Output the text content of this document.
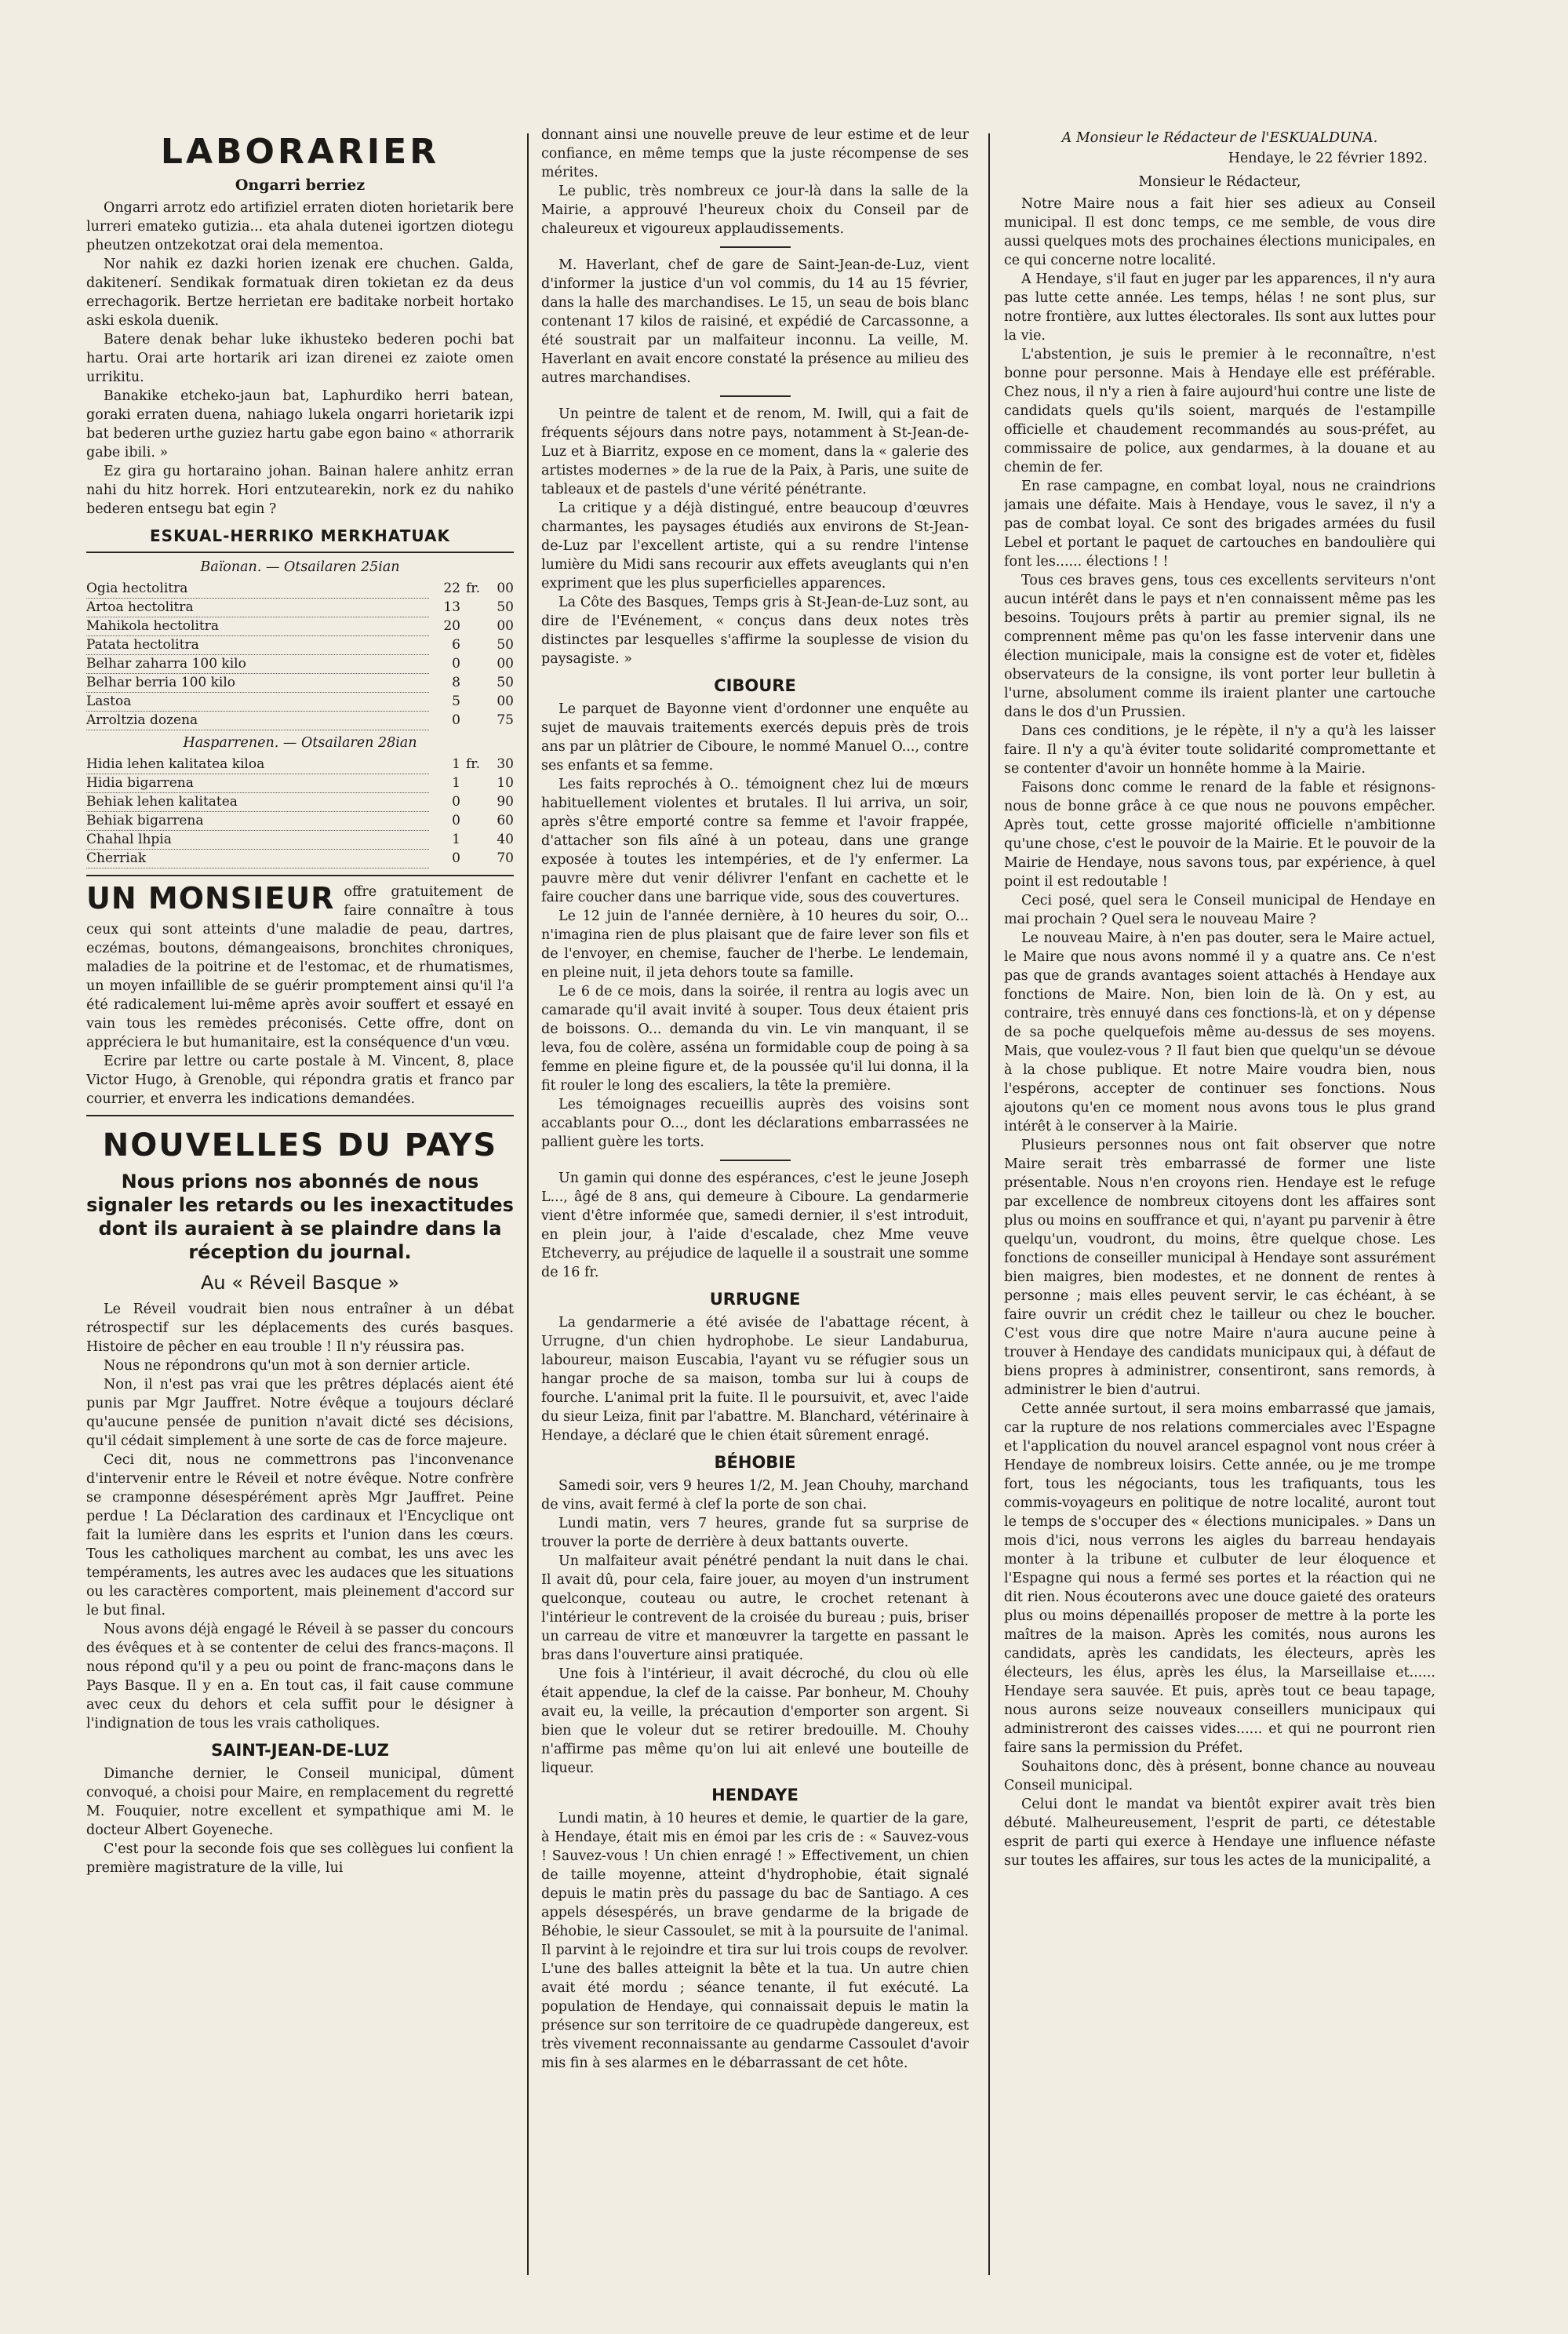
LABORARIER
Ongarri berriez

Ongarri arrotz edo artifiziel erraten dioten horietarik bere lurreri emateko gutizia... eta ahala dutenei igortzen diotegu pheutzen ontzekotzat orai dela mementoa.

Nor nahik ez dazki horien izenak ere chuchen. Galda, dakitenerí. Sendikak formatuak diren tokietan ez da deus errechagorik. Bertze herrietan ere baditake norbeit hortako aski eskola duenik.

Batere denak behar luke ikhusteko bederen pochi bat hartu. Orai arte hortarik ari izan direnei ez zaiote omen urrikitu.

Banakike etcheko-jaun bat, Laphurdiko herri batean, goraki erraten duena, nahiago lukela ongarri horietarik izpi bat bederen urthe guziez hartu gabe egon baino « athorrarik gabe ibili. »

Ez gira gu hortaraino johan. Bainan halere anhitz erran nahi du hitz horrek. Hori entzutearekin, nork ez du nahiko bederen entsegu bat egin ?

ESKUAL-HERRIKO MERKHATUAK
Baïonan. — Otsailaren 25ian
Ogia hectolitra	22	fr.	00
Artoa hectolitra	13		50
Mahikola hectolitra	20		00
Patata hectolitra	6		50
Belhar zaharra 100 kilo	0		00
Belhar berria 100 kilo	8		50
Lastoa	5		00
Arroltzia dozena	0		75
Hasparrenen. — Otsailaren 28ian
Hidia lehen kalitatea kiloa	1	fr.	30
Hidia bigarrena	1		10
Behiak lehen kalitatea	0		90
Behiak bigarrena	0		60
Chahal lhpia	1		40
Cherriak	0		70
UN MONSIEUR offre gratuitement de faire connaître à tous ceux qui sont atteints d'une maladie de peau, dartres, eczémas, boutons, démangeaisons, bronchites chroniques, maladies de la poitrine et de l'estomac, et de rhumatismes, un moyen infaillible de se guérir promptement ainsi qu'il l'a été radicalement lui-même après avoir souffert et essayé en vain tous les remèdes préconisés. Cette offre, dont on appréciera le but humanitaire, est la conséquence d'un vœu.

Ecrire par lettre ou carte postale à M. Vincent, 8, place Victor Hugo, à Grenoble, qui répondra gratis et franco par courrier, et enverra les indications demandées.

NOUVELLES DU PAYS
Nous prions nos abonnés de nous signaler les retards ou les inexactitudes dont ils auraient à se plaindre dans la réception du journal.
Au « Réveil Basque »

Le Réveil voudrait bien nous entraîner à un débat rétrospectif sur les déplacements des curés basques. Histoire de pêcher en eau trouble ! Il n'y réussira pas.

Nous ne répondrons qu'un mot à son dernier article.

Non, il n'est pas vrai que les prêtres déplacés aient été punis par Mgr Jauffret. Notre évêque a toujours déclaré qu'aucune pensée de punition n'avait dicté ses décisions, qu'il cédait simplement à une sorte de cas de force majeure.

Ceci dit, nous ne commettrons pas l'inconvenance d'intervenir entre le Réveil et notre évêque. Notre confrère se cramponne désespérément après Mgr Jauffret. Peine perdue ! La Déclaration des cardinaux et l'Encyclique ont fait la lumière dans les esprits et l'union dans les cœurs. Tous les catholiques marchent au combat, les uns avec les tempéraments, les autres avec les audaces que les situations ou les caractères comportent, mais pleinement d'accord sur le but final.

Nous avons déjà engagé le Réveil à se passer du concours des évêques et à se contenter de celui des francs-maçons. Il nous répond qu'il y a peu ou point de franc-maçons dans le Pays Basque. Il y en a. En tout cas, il fait cause commune avec ceux du dehors et cela suffit pour le désigner à l'indignation de tous les vrais catholiques.

SAINT-JEAN-DE-LUZ

Dimanche dernier, le Conseil municipal, dûment convoqué, a choisi pour Maire, en remplacement du regretté M. Fouquier, notre excellent et sympathique ami M. le docteur Albert Goyeneche.

C'est pour la seconde fois que ses collègues lui confient la première magistrature de la ville, lui

donnant ainsi une nouvelle preuve de leur estime et de leur confiance, en même temps que la juste récompense de ses mérites.

Le public, très nombreux ce jour-là dans la salle de la Mairie, a approuvé l'heureux choix du Conseil par de chaleureux et vigoureux applaudissements.

M. Haverlant, chef de gare de Saint-Jean-de-Luz, vient d'informer la justice d'un vol commis, du 14 au 15 février, dans la halle des marchandises. Le 15, un seau de bois blanc contenant 17 kilos de raisiné, et expédié de Carcassonne, a été soustrait par un malfaiteur inconnu. La veille, M. Haverlant en avait encore constaté la présence au milieu des autres marchandises.

Un peintre de talent et de renom, M. Iwill, qui a fait de fréquents séjours dans notre pays, notamment à St-Jean-de-Luz et à Biarritz, expose en ce moment, dans la « galerie des artistes modernes » de la rue de la Paix, à Paris, une suite de tableaux et de pastels d'une vérité pénétrante.

La critique y a déjà distingué, entre beaucoup d'œuvres charmantes, les paysages étudiés aux environs de St-Jean-de-Luz par l'excellent artiste, qui a su rendre l'intense lumière du Midi sans recourir aux effets aveuglants qui n'en expriment que les plus superficielles apparences.

La Côte des Basques, Temps gris à St-Jean-de-Luz sont, au dire de l'Evénement, « conçus dans deux notes très distinctes par lesquelles s'affirme la souplesse de vision du paysagiste. »

CIBOURE

Le parquet de Bayonne vient d'ordonner une enquête au sujet de mauvais traitements exercés depuis près de trois ans par un plâtrier de Ciboure, le nommé Manuel O..., contre ses enfants et sa femme.

Les faits reprochés à O.. témoignent chez lui de mœurs habituellement violentes et brutales. Il lui arriva, un soir, après s'être emporté contre sa femme et l'avoir frappée, d'attacher son fils aîné à un poteau, dans une grange exposée à toutes les intempéries, et de l'y enfermer. La pauvre mère dut venir délivrer l'enfant en cachette et le faire coucher dans une barrique vide, sous des couvertures.

Le 12 juin de l'année dernière, à 10 heures du soir, O... n'imagina rien de plus plaisant que de faire lever son fils et de l'envoyer, en chemise, faucher de l'herbe. Le lendemain, en pleine nuit, il jeta dehors toute sa famille.

Le 6 de ce mois, dans la soirée, il rentra au logis avec un camarade qu'il avait invité à souper. Tous deux étaient pris de boissons. O... demanda du vin. Le vin manquant, il se leva, fou de colère, asséna un formidable coup de poing à sa femme en pleine figure et, de la poussée qu'il lui donna, il la fit rouler le long des escaliers, la tête la première.

Les témoignages recueillis auprès des voisins sont accablants pour O..., dont les déclarations embarrassées ne pallient guère les torts.

Un gamin qui donne des espérances, c'est le jeune Joseph L..., âgé de 8 ans, qui demeure à Ciboure. La gendarmerie vient d'être informée que, samedi dernier, il s'est introduit, en plein jour, à l'aide d'escalade, chez Mme veuve Etcheverry, au préjudice de laquelle il a soustrait une somme de 16 fr.

URRUGNE

La gendarmerie a été avisée de l'abattage récent, à Urrugne, d'un chien hydrophobe. Le sieur Landaburua, laboureur, maison Euscabia, l'ayant vu se réfugier sous un hangar proche de sa maison, tomba sur lui à coups de fourche. L'animal prit la fuite. Il le poursuivit, et, avec l'aide du sieur Leiza, finit par l'abattre. M. Blanchard, vétérinaire à Hendaye, a déclaré que le chien était sûrement enragé.

BÉHOBIE

Samedi soir, vers 9 heures 1/2, M. Jean Chouhy, marchand de vins, avait fermé à clef la porte de son chai.

Lundi matin, vers 7 heures, grande fut sa surprise de trouver la porte de derrière à deux battants ouverte.

Un malfaiteur avait pénétré pendant la nuit dans le chai. Il avait dû, pour cela, faire jouer, au moyen d'un instrument quelconque, couteau ou autre, le crochet retenant à l'intérieur le contrevent de la croisée du bureau ; puis, briser un carreau de vitre et manœuvrer la targette en passant le bras dans l'ouverture ainsi pratiquée.

Une fois à l'intérieur, il avait décroché, du clou où elle était appendue, la clef de la caisse. Par bonheur, M. Chouhy avait eu, la veille, la précaution d'emporter son argent. Si bien que le voleur dut se retirer bredouille. M. Chouhy n'affirme pas même qu'on lui ait enlevé une bouteille de liqueur.

HENDAYE

Lundi matin, à 10 heures et demie, le quartier de la gare, à Hendaye, était mis en émoi par les cris de : « Sauvez-vous ! Sauvez-vous ! Un chien enragé ! » Effectivement, un chien de taille moyenne, atteint d'hydrophobie, était signalé depuis le matin près du passage du bac de Santiago. A ces appels désespérés, un brave gendarme de la brigade de Béhobie, le sieur Cassoulet, se mit à la poursuite de l'animal. Il parvint à le rejoindre et tira sur lui trois coups de revolver. L'une des balles atteignit la bête et la tua. Un autre chien avait été mordu ; séance tenante, il fut exécuté. La population de Hendaye, qui connaissait depuis le matin la présence sur son territoire de ce quadrupède dangereux, est très vivement reconnaissante au gendarme Cassoulet d'avoir mis fin à ses alarmes en le débarrassant de cet hôte.

A Monsieur le Rédacteur de l'ESKUALDUNA.
Hendaye, le 22 février 1892.
Monsieur le Rédacteur,

Notre Maire nous a fait hier ses adieux au Conseil municipal. Il est donc temps, ce me semble, de vous dire aussi quelques mots des prochaines élections municipales, en ce qui concerne notre localité.

A Hendaye, s'il faut en juger par les apparences, il n'y aura pas lutte cette année. Les temps, hélas ! ne sont plus, sur notre frontière, aux luttes électorales. Ils sont aux luttes pour la vie.

L'abstention, je suis le premier à le reconnaître, n'est bonne pour personne. Mais à Hendaye elle est préférable. Chez nous, il n'y a rien à faire aujourd'hui contre une liste de candidats quels qu'ils soient, marqués de l'estampille officielle et chaudement recommandés au sous-préfet, au commissaire de police, aux gendarmes, à la douane et au chemin de fer.

En rase campagne, en combat loyal, nous ne craindrions jamais une défaite. Mais à Hendaye, vous le savez, il n'y a pas de combat loyal. Ce sont des brigades armées du fusil Lebel et portant le paquet de cartouches en bandoulière qui font les...... élections ! !

Tous ces braves gens, tous ces excellents serviteurs n'ont aucun intérêt dans le pays et n'en connaissent même pas les besoins. Toujours prêts à partir au premier signal, ils ne comprennent même pas qu'on les fasse intervenir dans une élection municipale, mais la consigne est de voter et, fidèles observateurs de la consigne, ils vont porter leur bulletin à l'urne, absolument comme ils iraient planter une cartouche dans le dos d'un Prussien.

Dans ces conditions, je le répète, il n'y a qu'à les laisser faire. Il n'y a qu'à éviter toute solidarité compromettante et se contenter d'avoir un honnête homme à la Mairie.

Faisons donc comme le renard de la fable et résignons-nous de bonne grâce à ce que nous ne pouvons empêcher. Après tout, cette grosse majorité officielle n'ambitionne qu'une chose, c'est le pouvoir de la Mairie. Et le pouvoir de la Mairie de Hendaye, nous savons tous, par expérience, à quel point il est redoutable !

Ceci posé, quel sera le Conseil municipal de Hendaye en mai prochain ? Quel sera le nouveau Maire ?

Le nouveau Maire, à n'en pas douter, sera le Maire actuel, le Maire que nous avons nommé il y a quatre ans. Ce n'est pas que de grands avantages soient attachés à Hendaye aux fonctions de Maire. Non, bien loin de là. On y est, au contraire, très ennuyé dans ces fonctions-là, et on y dépense de sa poche quelquefois même au-dessus de ses moyens. Mais, que voulez-vous ? Il faut bien que quelqu'un se dévoue à la chose publique. Et notre Maire voudra bien, nous l'espérons, accepter de continuer ses fonctions. Nous ajoutons qu'en ce moment nous avons tous le plus grand intérêt à le conserver à la Mairie.

Plusieurs personnes nous ont fait observer que notre Maire serait très embarrassé de former une liste présentable. Nous n'en croyons rien. Hendaye est le refuge par excellence de nombreux citoyens dont les affaires sont plus ou moins en souffrance et qui, n'ayant pu parvenir à être quelqu'un, voudront, du moins, être quelque chose. Les fonctions de conseiller municipal à Hendaye sont assurément bien maigres, bien modestes, et ne donnent de rentes à personne ; mais elles peuvent servir, le cas échéant, à se faire ouvrir un crédit chez le tailleur ou chez le boucher. C'est vous dire que notre Maire n'aura aucune peine à trouver à Hendaye des candidats municipaux qui, à défaut de biens propres à administrer, consentiront, sans remords, à administrer le bien d'autrui.

Cette année surtout, il sera moins embarrassé que jamais, car la rupture de nos relations commerciales avec l'Espagne et l'application du nouvel arancel espagnol vont nous créer à Hendaye de nombreux loisirs. Cette année, ou je me trompe fort, tous les négociants, tous les trafiquants, tous les commis-voyageurs en politique de notre localité, auront tout le temps de s'occuper des « élections municipales. » Dans un mois d'ici, nous verrons les aigles du barreau hendayais monter à la tribune et culbuter de leur éloquence et l'Espagne qui nous a fermé ses portes et la réaction qui ne dit rien. Nous écouterons avec une douce gaieté des orateurs plus ou moins dépenaillés proposer de mettre à la porte les maîtres de la maison. Après les comités, nous aurons les candidats, après les candidats, les électeurs, après les électeurs, les élus, après les élus, la Marseillaise et...... Hendaye sera sauvée. Et puis, après tout ce beau tapage, nous aurons seize nouveaux conseillers municipaux qui administreront des caisses vides...... et qui ne pourront rien faire sans la permission du Préfet.

Souhaitons donc, dès à présent, bonne chance au nouveau Conseil municipal.

Celui dont le mandat va bientôt expirer avait très bien débuté. Malheureusement, l'esprit de parti, ce détestable esprit de parti qui exerce à Hendaye une influence néfaste sur toutes les affaires, sur tous les actes de la municipalité, a
